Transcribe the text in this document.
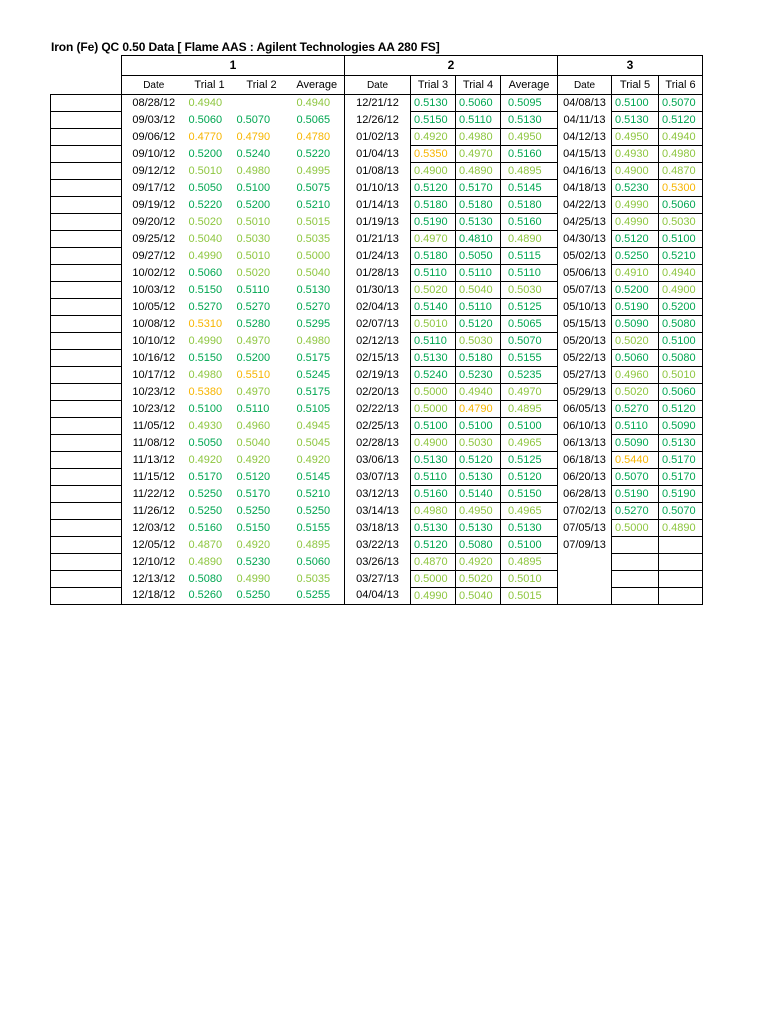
Iron (Fe) QC 0.50 Data [ Flame AAS : Agilent Technologies AA 280 FS]
	1				2				3		
	Date	Trial 1	Trial 2	Average	Date	Trial 3	Trial 4	Average	Date	Trial 5	Trial 6
	08/28/12	0.4940		0.4940	12/21/12	0.5130	0.5060	0.5095	04/08/13	0.5100	0.5070
	09/03/12	0.5060	0.5070	0.5065	12/26/12	0.5150	0.5110	0.5130	04/11/13	0.5130	0.5120
	09/06/12	0.4770	0.4790	0.4780	01/02/13	0.4920	0.4980	0.4950	04/12/13	0.4950	0.4940
	09/10/12	0.5200	0.5240	0.5220	01/04/13	0.5350	0.4970	0.5160	04/15/13	0.4930	0.4980
	09/12/12	0.5010	0.4980	0.4995	01/08/13	0.4900	0.4890	0.4895	04/16/13	0.4900	0.4870
	09/17/12	0.5050	0.5100	0.5075	01/10/13	0.5120	0.5170	0.5145	04/18/13	0.5230	0.5300
	09/19/12	0.5220	0.5200	0.5210	01/14/13	0.5180	0.5180	0.5180	04/22/13	0.4990	0.5060
	09/20/12	0.5020	0.5010	0.5015	01/19/13	0.5190	0.5130	0.5160	04/25/13	0.4990	0.5030
	09/25/12	0.5040	0.5030	0.5035	01/21/13	0.4970	0.4810	0.4890	04/30/13	0.5120	0.5100
	09/27/12	0.4990	0.5010	0.5000	01/24/13	0.5180	0.5050	0.5115	05/02/13	0.5250	0.5210
	10/02/12	0.5060	0.5020	0.5040	01/28/13	0.5110	0.5110	0.5110	05/06/13	0.4910	0.4940
	10/03/12	0.5150	0.5110	0.5130	01/30/13	0.5020	0.5040	0.5030	05/07/13	0.5200	0.4900
	10/05/12	0.5270	0.5270	0.5270	02/04/13	0.5140	0.5110	0.5125	05/10/13	0.5190	0.5200
	10/08/12	0.5310	0.5280	0.5295	02/07/13	0.5010	0.5120	0.5065	05/15/13	0.5090	0.5080
	10/10/12	0.4990	0.4970	0.4980	02/12/13	0.5110	0.5030	0.5070	05/20/13	0.5020	0.5100
	10/16/12	0.5150	0.5200	0.5175	02/15/13	0.5130	0.5180	0.5155	05/22/13	0.5060	0.5080
	10/17/12	0.4980	0.5510	0.5245	02/19/13	0.5240	0.5230	0.5235	05/27/13	0.4960	0.5010
	10/23/12	0.5380	0.4970	0.5175	02/20/13	0.5000	0.4940	0.4970	05/29/13	0.5020	0.5060
	10/23/12	0.5100	0.5110	0.5105	02/22/13	0.5000	0.4790	0.4895	06/05/13	0.5270	0.5120
	11/05/12	0.4930	0.4960	0.4945	02/25/13	0.5100	0.5100	0.5100	06/10/13	0.5110	0.5090
	11/08/12	0.5050	0.5040	0.5045	02/28/13	0.4900	0.5030	0.4965	06/13/13	0.5090	0.5130
	11/13/12	0.4920	0.4920	0.4920	03/06/13	0.5130	0.5120	0.5125	06/18/13	0.5440	0.5170
	11/15/12	0.5170	0.5120	0.5145	03/07/13	0.5110	0.5130	0.5120	06/20/13	0.5070	0.5170
	11/22/12	0.5250	0.5170	0.5210	03/12/13	0.5160	0.5140	0.5150	06/28/13	0.5190	0.5190
	11/26/12	0.5250	0.5250	0.5250	03/14/13	0.4980	0.4950	0.4965	07/02/13	0.5270	0.5070
	12/03/12	0.5160	0.5150	0.5155	03/18/13	0.5130	0.5130	0.5130	07/05/13	0.5000	0.4890
	12/05/12	0.4870	0.4920	0.4895	03/22/13	0.5120	0.5080	0.5100	07/09/13		
	12/10/12	0.4890	0.5230	0.5060	03/26/13	0.4870	0.4920	0.4895			
	12/13/12	0.5080	0.4990	0.5035	03/27/13	0.5000	0.5020	0.5010			
	12/18/12	0.5260	0.5250	0.5255	04/04/13	0.4990	0.5040	0.5015			
